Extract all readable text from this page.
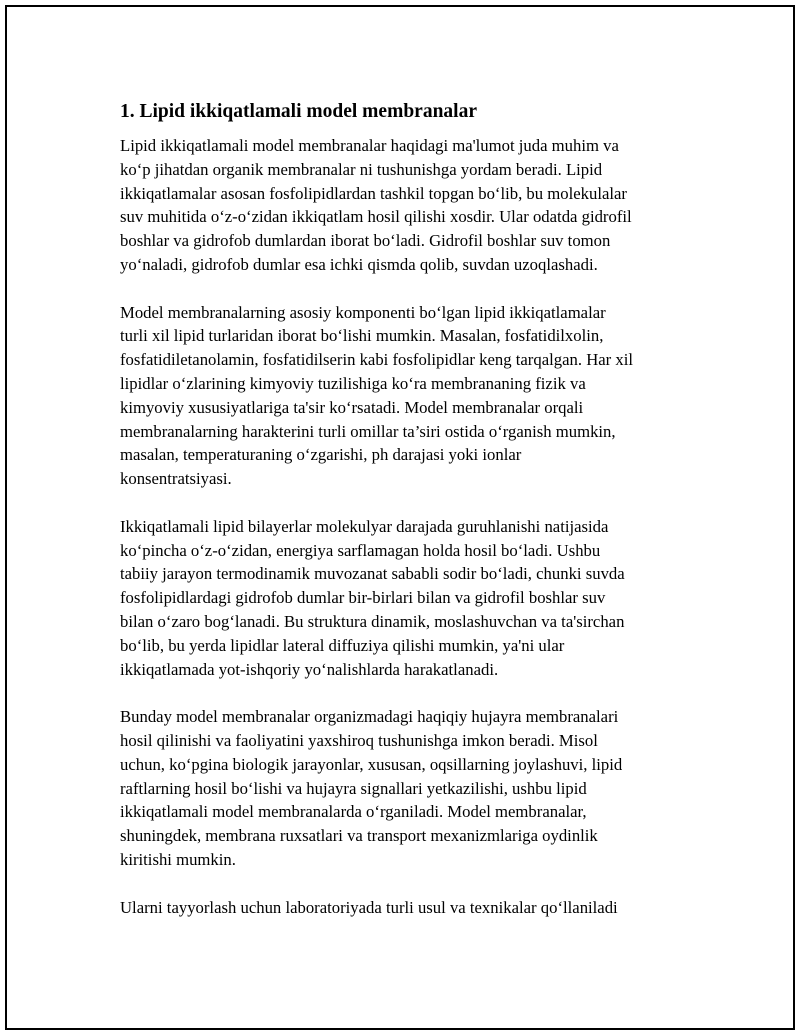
1. Lipid ikkiqatlamali model membranalar

Lipid ikkiqatlamali model membranalar haqidagi ma'lumot juda muhim va
ko‘p jihatdan organik membranalar ni tushunishga yordam beradi. Lipid
ikkiqatlamalar asosan fosfolipidlardan tashkil topgan bo‘lib, bu molekulalar
suv muhitida o‘z-o‘zidan ikkiqatlam hosil qilishi xosdir. Ular odatda gidrofil
boshlar va gidrofob dumlardan iborat bo‘ladi. Gidrofil boshlar suv tomon
yo‘naladi, gidrofob dumlar esa ichki qismda qolib, suvdan uzoqlashadi.

Model membranalarning asosiy komponenti bo‘lgan lipid ikkiqatlamalar
turli xil lipid turlaridan iborat bo‘lishi mumkin. Masalan, fosfatidilxolin,
fosfatidiletanolamin, fosfatidilserin kabi fosfolipidlar keng tarqalgan. Har xil
lipidlar o‘zlarining kimyoviy tuzilishiga ko‘ra membrananing fizik va
kimyoviy xususiyatlariga ta'sir ko‘rsatadi. Model membranalar orqali
membranalarning harakterini turli omillar ta’siri ostida o‘rganish mumkin,
masalan, temperaturaning o‘zgarishi, ph darajasi yoki ionlar
konsentratsiyasi.

Ikkiqatlamali lipid bilayerlar molekulyar darajada guruhlanishi natijasida
ko‘pincha o‘z-o‘zidan, energiya sarflamagan holda hosil bo‘ladi. Ushbu
tabiiy jarayon termodinamik muvozanat sababli sodir bo‘ladi, chunki suvda
fosfolipidlardagi gidrofob dumlar bir-birlari bilan va gidrofil boshlar suv
bilan o‘zaro bog‘lanadi. Bu struktura dinamik, moslashuvchan va ta'sirchan
bo‘lib, bu yerda lipidlar lateral diffuziya qilishi mumkin, ya'ni ular
ikkiqatlamada yot-ishqoriy yo‘nalishlarda harakatlanadi.

Bunday model membranalar organizmadagi haqiqiy hujayra membranalari
hosil qilinishi va faoliyatini yaxshiroq tushunishga imkon beradi. Misol
uchun, ko‘pgina biologik jarayonlar, xususan, oqsillarning joylashuvi, lipid
raftlarning hosil bo‘lishi va hujayra signallari yetkazilishi, ushbu lipid
ikkiqatlamali model membranalarda o‘rganiladi. Model membranalar,
shuningdek, membrana ruxsatlari va transport mexanizmlariga oydinlik
kiritishi mumkin.

Ularni tayyorlash uchun laboratoriyada turli usul va texnikalar qo‘llaniladi
